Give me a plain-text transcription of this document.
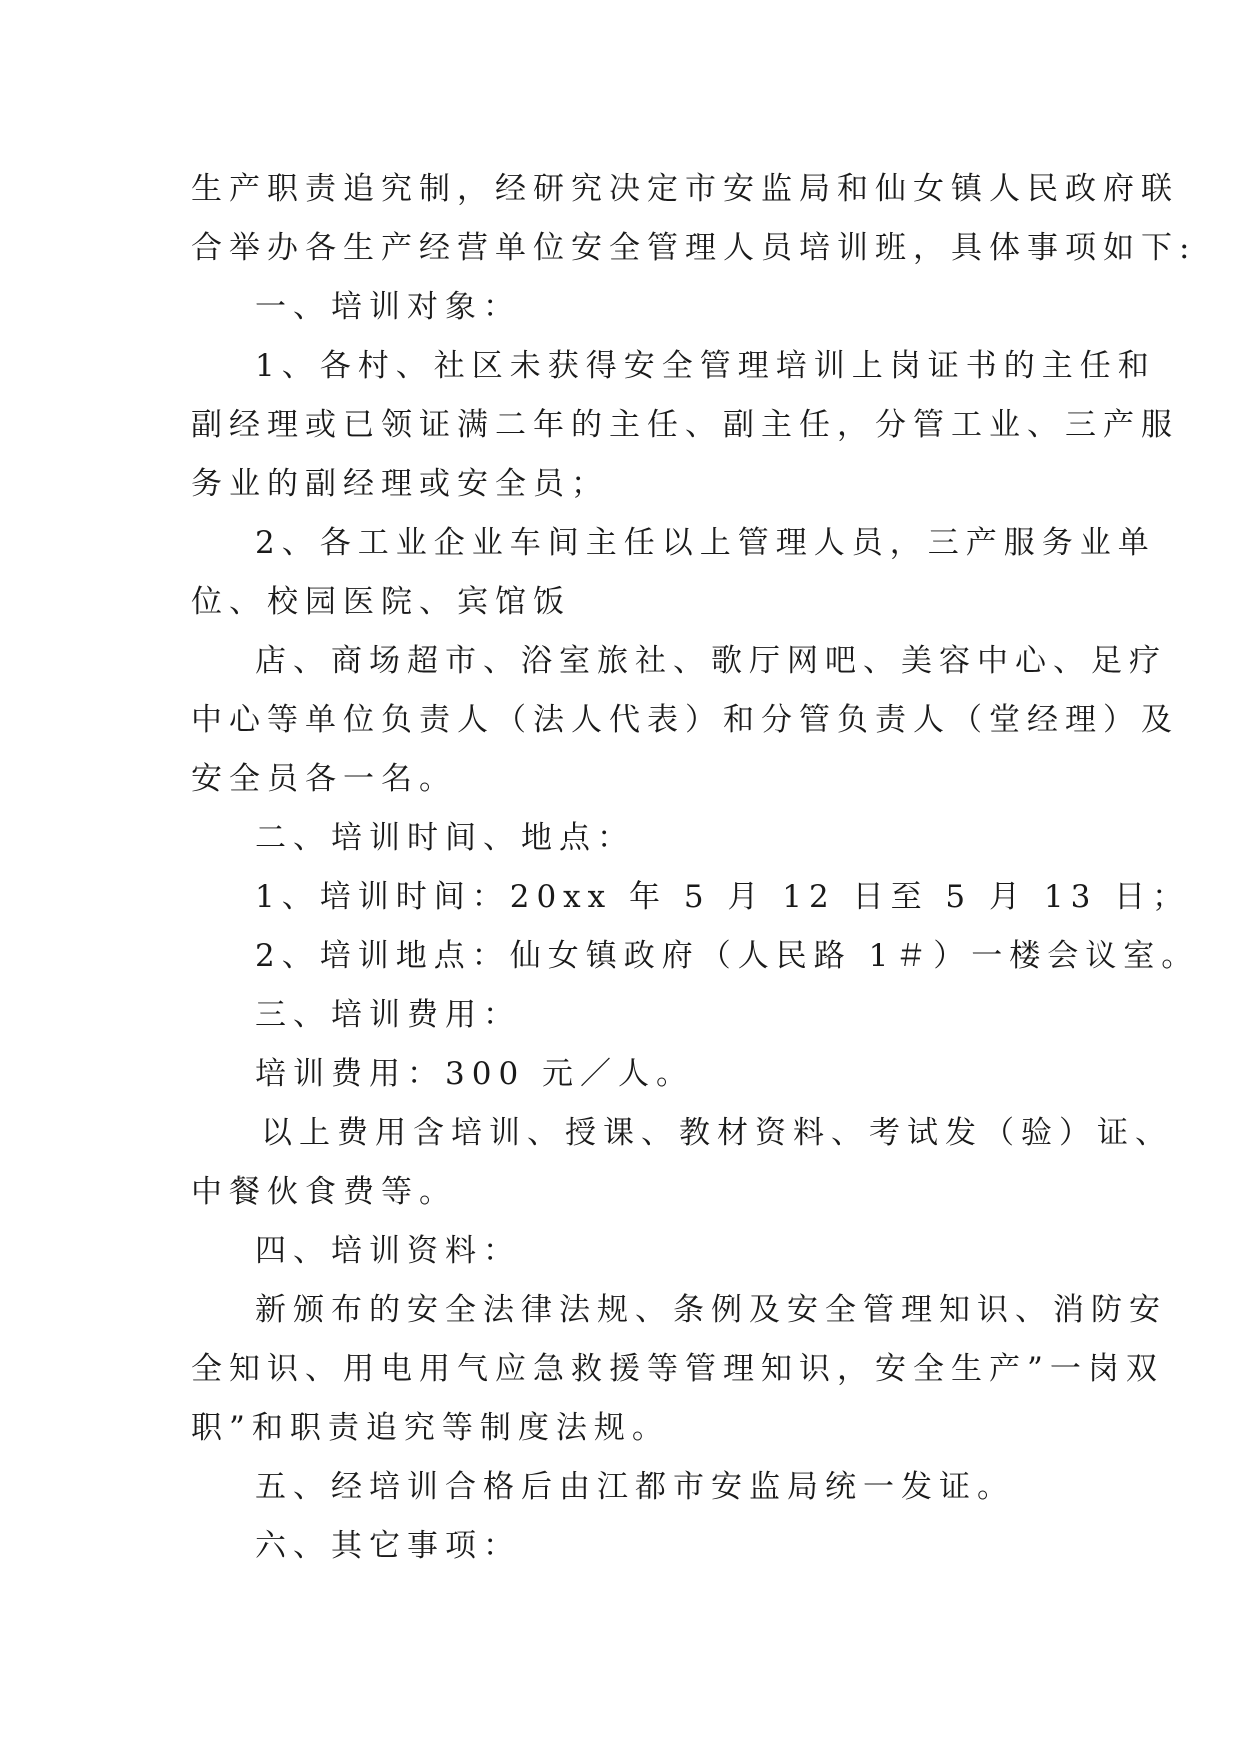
生产职责追究制，经研究决定市安监局和仙女镇人民政府联
合举办各生产经营单位安全管理人员培训班，具体事项如下:
一、培训对象：
1、各村、社区未获得安全管理培训上岗证书的主任和
副经理或已领证满二年的主任、副主任，分管工业、三产服
务业的副经理或安全员；
2、各工业企业车间主任以上管理人员，三产服务业单
位、校园医院、宾馆饭
店、商场超市、浴室旅社、歌厅网吧、美容中心、足疗
中心等单位负责人（法人代表）和分管负责人（堂经理）及
安全员各一名。
二、培训时间、地点：
1、培训时间：20xx 年 5 月 12 日至 5 月 13 日；
2、培训地点：仙女镇政府（人民路 1＃）一楼会议室。
三、培训费用：
培训费用：300 元／人。
以上费用含培训、授课、教材资料、考试发（验）证、
中餐伙食费等。
四、培训资料：
新颁布的安全法律法规、条例及安全管理知识、消防安
全知识、用电用气应急救援等管理知识，安全生产”一岗双
职”和职责追究等制度法规。
五、经培训合格后由江都市安监局统一发证。
六、其它事项：
